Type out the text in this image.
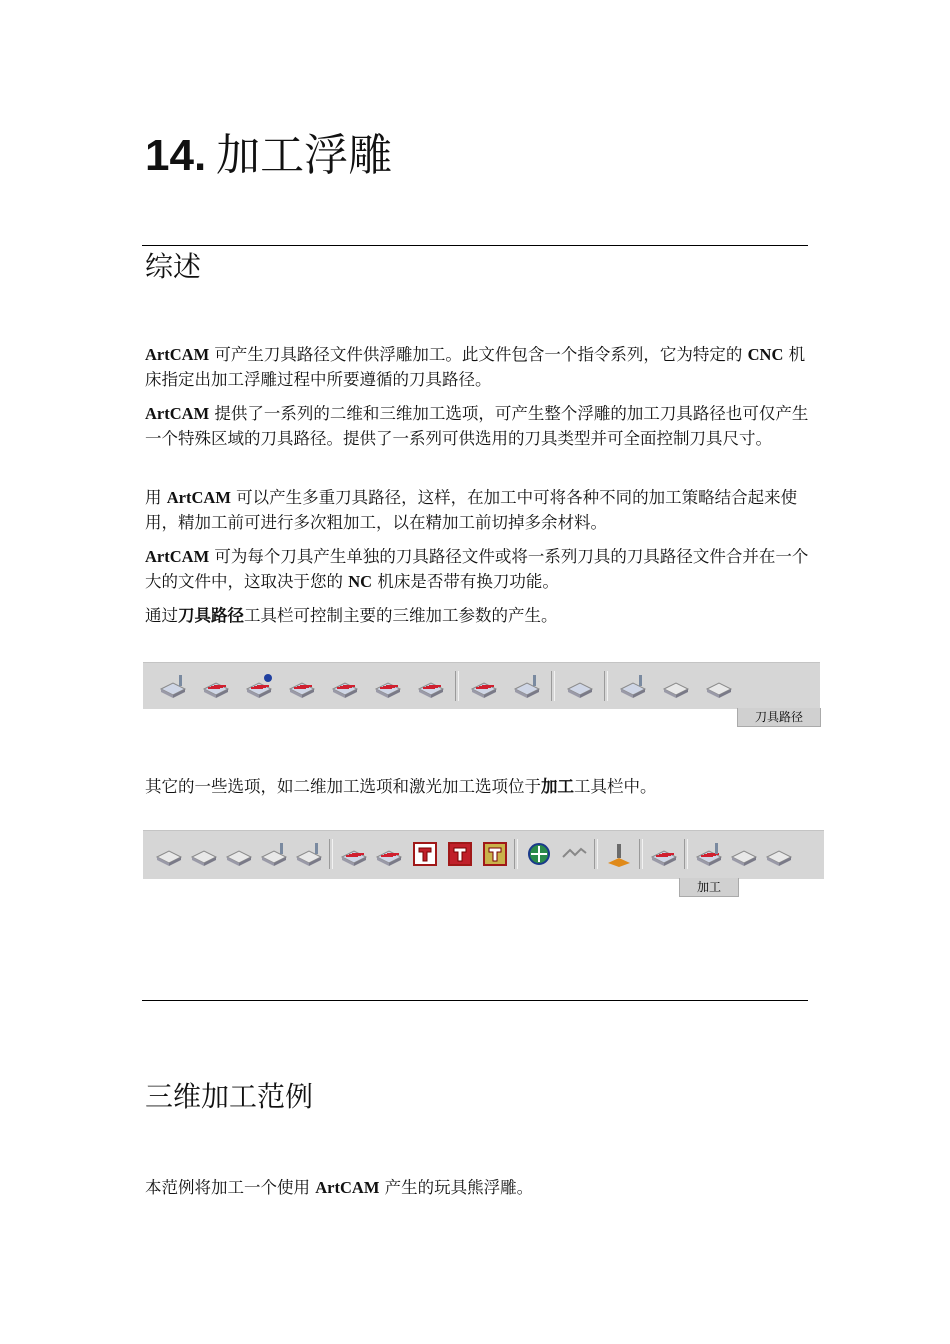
14. 加工浮雕
综述
ArtCAM 可产生刀具路径文件供浮雕加工。此文件包含一个指令系列，它为特定的 CNC 机床指定出加工浮雕过程中所要遵循的刀具路径。
ArtCAM 提供了一系列的二维和三维加工选项，可产生整个浮雕的加工刀具路径也可仅产生一个特殊区域的刀具路径。提供了一系列可供选用的刀具类型并可全面控制刀具尺寸。
用 ArtCAM 可以产生多重刀具路径，这样，在加工中可将各种不同的加工策略结合起来使用，精加工前可进行多次粗加工，以在精加工前切掉多余材料。
ArtCAM 可为每个刀具产生单独的刀具路径文件或将一系列刀具的刀具路径文件合并在一个大的文件中，这取决于您的 NC 机床是否带有换刀功能。
通过刀具路径工具栏可控制主要的三维加工参数的产生。
刀具路径
其它的一些选项，如二维加工选项和激光加工选项位于加工工具栏中。
加工
三维加工范例
本范例将加工一个使用 ArtCAM 产生的玩具熊浮雕。
